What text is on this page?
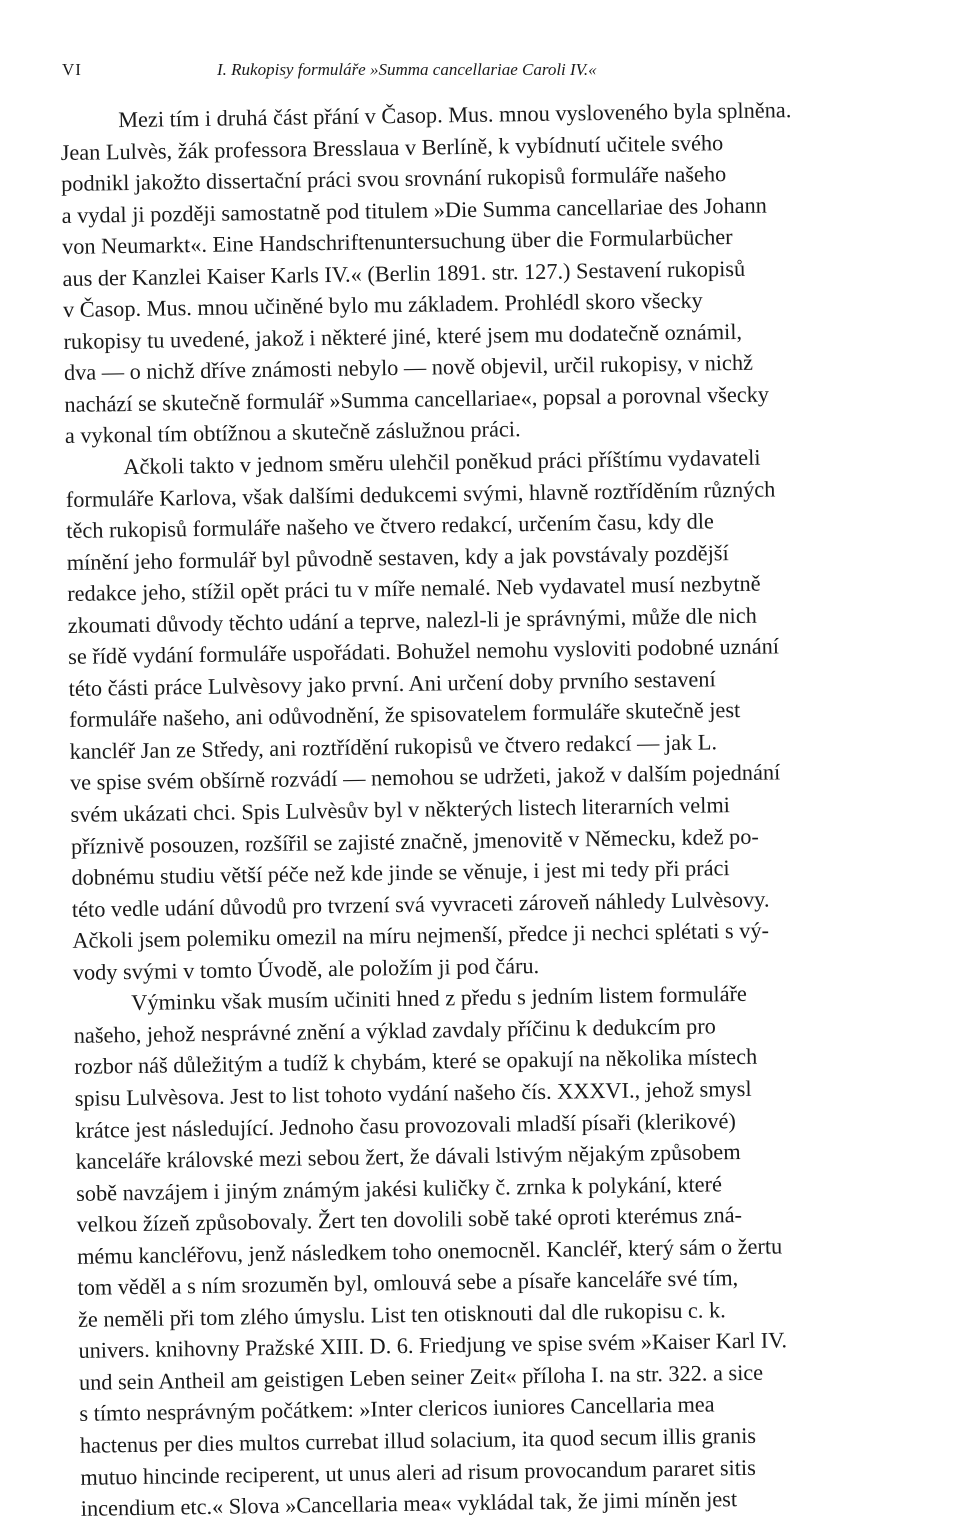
VI	I. Rukopisy formuláře »Summa cancellariae Caroli IV.«
Mezi tím i druhá část přání v Časop. Mus. mnou vysloveného byla splněna.
Jean Lulvès, žák professora Bresslaua v Berlíně, k vybídnutí učitele svého
podnikl jakožto dissertační práci svou srovnání rukopisů formuláře našeho
a vydal ji později samostatně pod titulem »Die Summa cancellariae des Johann
von Neumarkt«. Eine Handschriftenuntersuchung über die Formularbücher
aus der Kanzlei Kaiser Karls IV.« (Berlin 1891. str. 127.) Sestavení rukopisů
v Časop. Mus. mnou učiněné bylo mu základem. Prohlédl skoro všecky
rukopisy tu uvedené, jakož i některé jiné, které jsem mu dodatečně oznámil,
dva — o nichž dříve známosti nebylo — nově objevil, určil rukopisy, v nichž
nachází se skutečně formulář »Summa cancellariae«, popsal a porovnal všecky
a vykonal tím obtížnou a skutečně záslužnou práci.
Ačkoli takto v jednom směru ulehčil poněkud práci příštímu vydavateli
formuláře Karlova, však dalšími dedukcemi svými, hlavně roztříděním různých
těch rukopisů formuláře našeho ve čtvero redakcí, určením času, kdy dle
mínění jeho formulář byl původně sestaven, kdy a jak povstávaly pozdější
redakce jeho, stížil opět práci tu v míře nemalé. Neb vydavatel musí nezbytně
zkoumati důvody těchto udání a teprve, nalezl-li je správnými, může dle nich
se řídě vydání formuláře uspořádati. Bohužel nemohu vysloviti podobné uznání
této části práce Lulvèsovy jako první. Ani určení doby prvního sestavení
formuláře našeho, ani odůvodnění, že spisovatelem formuláře skutečně jest
kancléř Jan ze Středy, ani roztřídění rukopisů ve čtvero redakcí — jak L.
ve spise svém obšírně rozvádí — nemohou se udržeti, jakož v dalším pojednání
svém ukázati chci. Spis Lulvèsův byl v některých listech literarních velmi
příznivě posouzen, rozšířil se zajisté značně, jmenovitě v Německu, kdež po-
dobnému studiu větší péče než kde jinde se věnuje, i jest mi tedy při práci
této vedle udání důvodů pro tvrzení svá vyvraceti zároveň náhledy Lulvèsovy.
Ačkoli jsem polemiku omezil na míru nejmenší, předce ji nechci splétati s vý-
vody svými v tomto Úvodě, ale položím ji pod čáru.
Výminku však musím učiniti hned z předu s jedním listem formuláře
našeho, jehož nesprávné znění a výklad zavdaly příčinu k dedukcím pro
rozbor náš důležitým a tudíž k chybám, které se opakují na několika místech
spisu Lulvèsova. Jest to list tohoto vydání našeho čís. XXXVI., jehož smysl
krátce jest následující. Jednoho času provozovali mladší písaři (klerikové)
kanceláře královské mezi sebou žert, že dávali lstivým nějakým způsobem
sobě navzájem i jiným známým jakési kuličky č. zrnka k polykání, které
velkou žízeň způsobovaly. Žert ten dovolili sobě také oproti kterémus zná-
mému kancléřovu, jenž následkem toho onemocněl. Kancléř, který sám o žertu
tom věděl a s ním srozuměn byl, omlouvá sebe a písaře kanceláře své tím,
že neměli při tom zlého úmyslu. List ten otisknouti dal dle rukopisu c. k.
univers. knihovny Pražské XIII. D. 6. Friedjung ve spise svém »Kaiser Karl IV.
und sein Antheil am geistigen Leben seiner Zeit« příloha I. na str. 322. a sice
s tímto nesprávným počátkem: »Inter clericos iuniores Cancellaria mea
hactenus per dies multos currebat illud solacium, ita quod secum illis granis
mutuo hincinde reciperent, ut unus aleri ad risum provocandum pararet sitis
incendium etc.« Slova »Cancellaria mea« vykládal tak, že jimi míněn jest
